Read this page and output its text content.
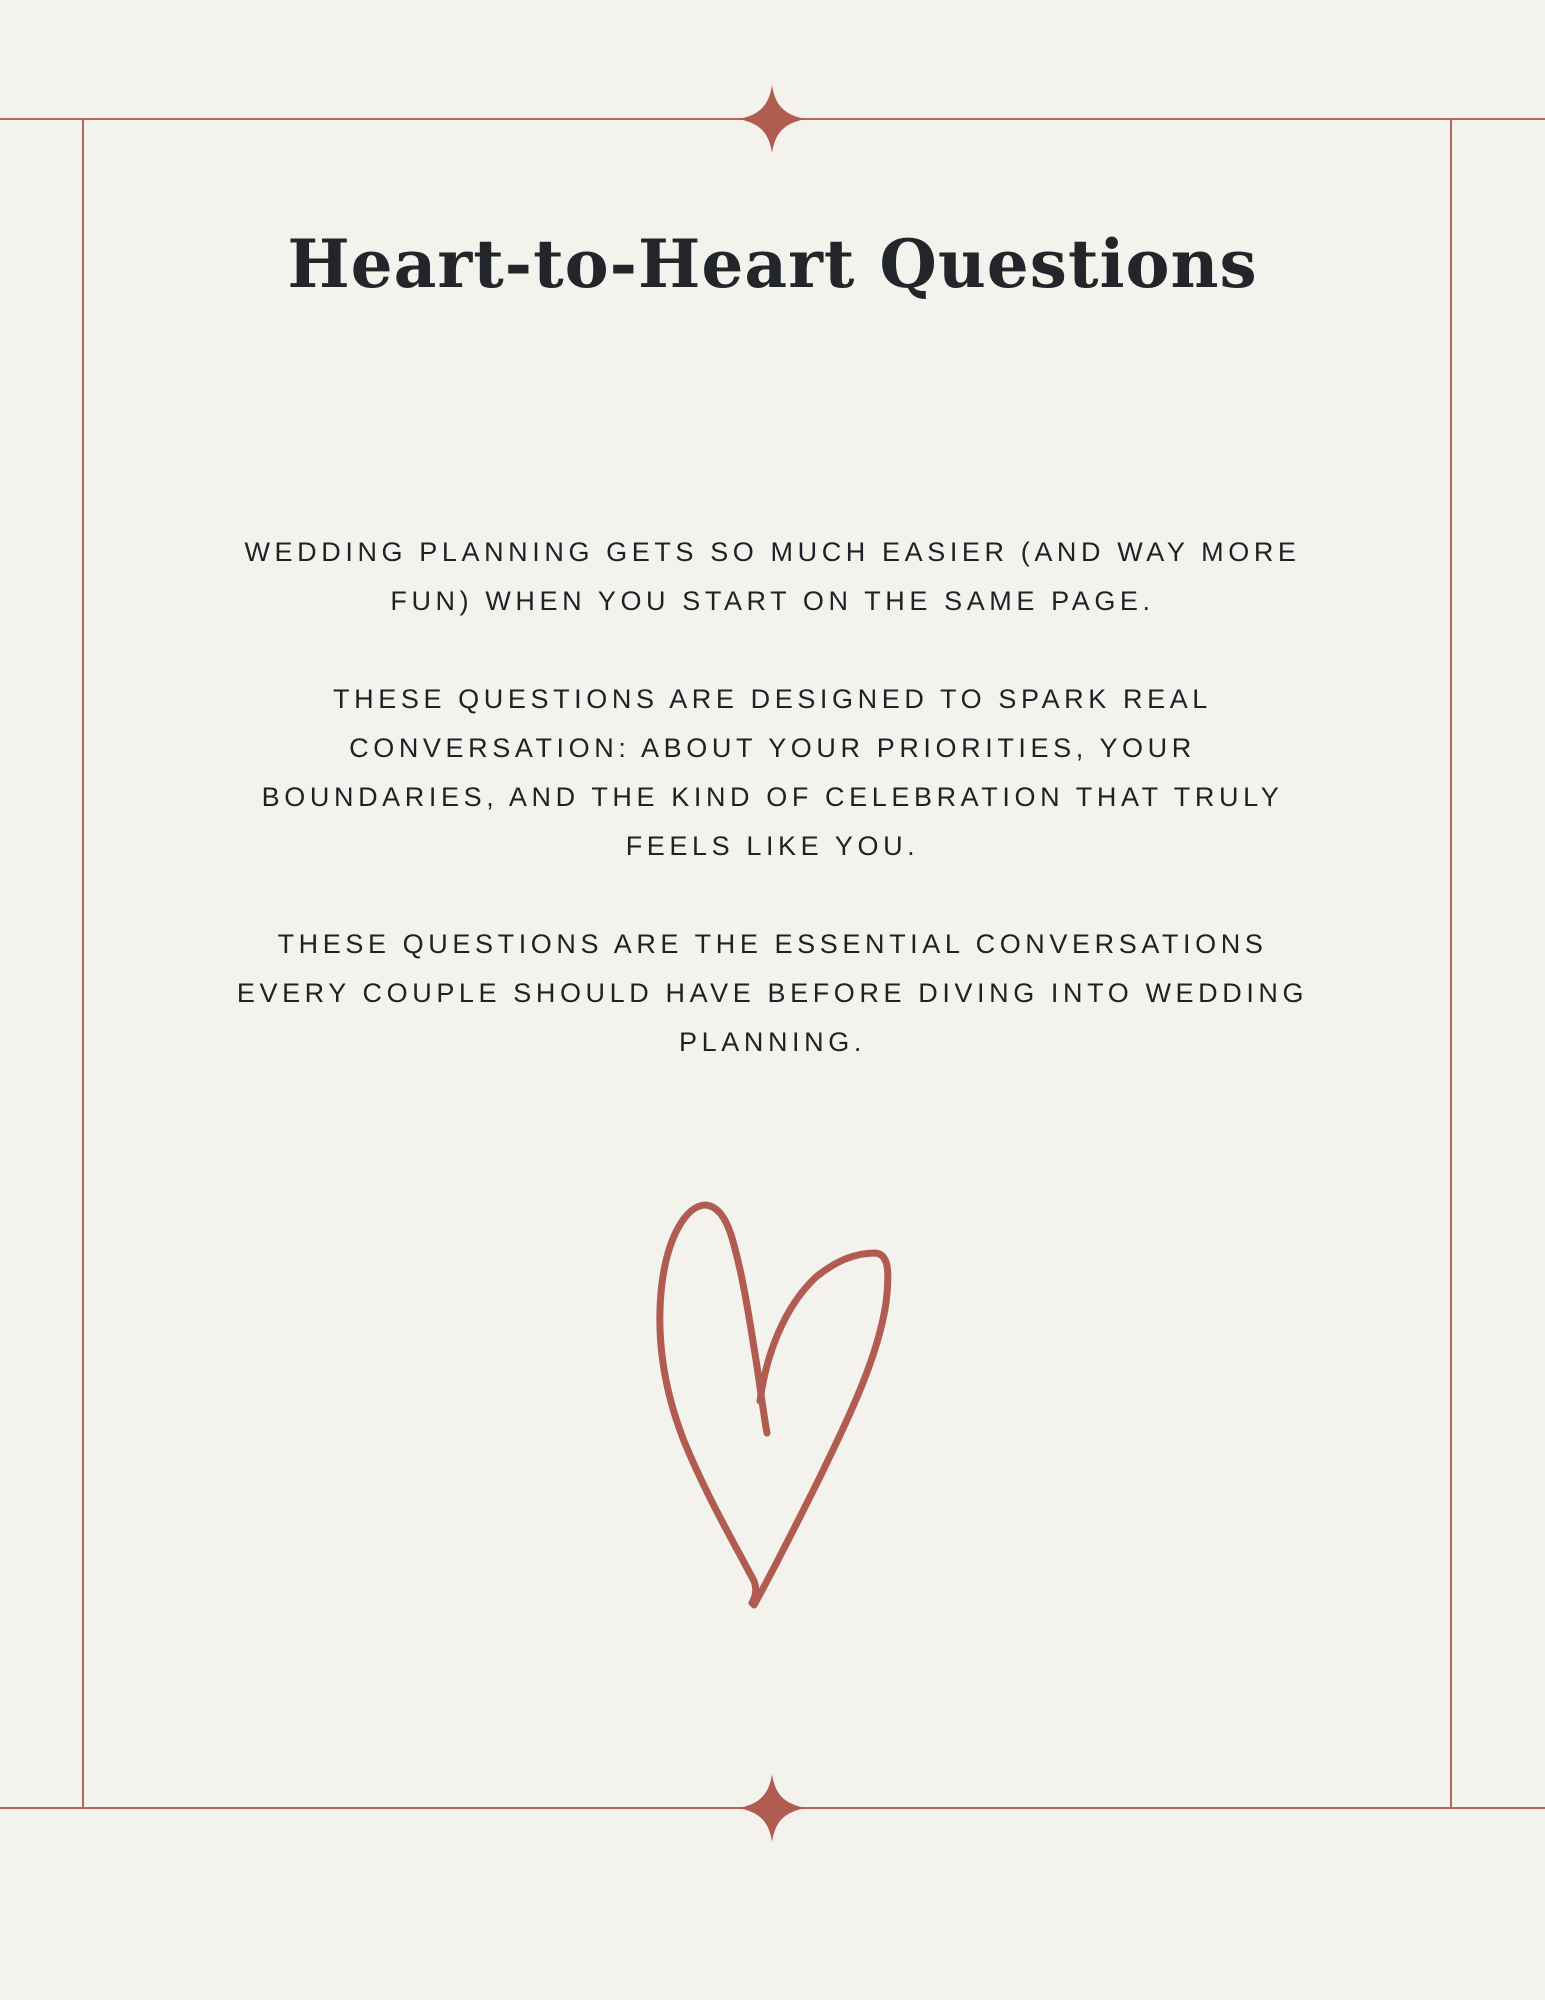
Heart-to-Heart Questions

WEDDING PLANNING GETS SO MUCH EASIER (AND WAY MORE FUN) WHEN YOU START ON THE SAME PAGE.

THESE QUESTIONS ARE DESIGNED TO SPARK REAL CONVERSATION: ABOUT YOUR PRIORITIES, YOUR BOUNDARIES, AND THE KIND OF CELEBRATION THAT TRULY FEELS LIKE YOU.

THESE QUESTIONS ARE THE ESSENTIAL CONVERSATIONS EVERY COUPLE SHOULD HAVE BEFORE DIVING INTO WEDDING PLANNING.
